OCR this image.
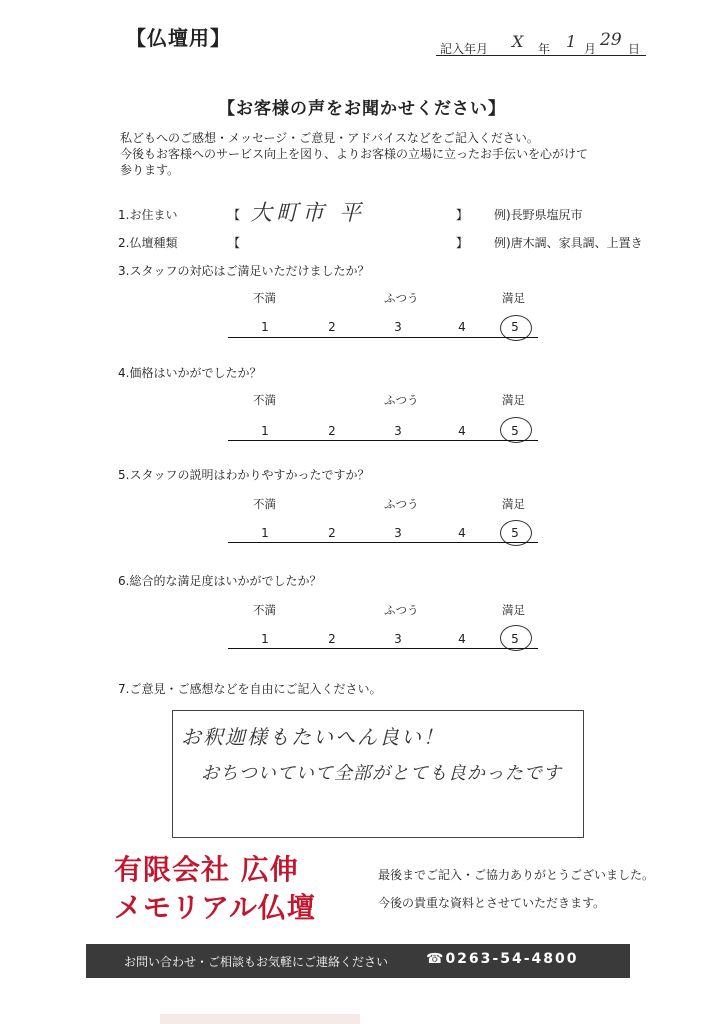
【仏壇用】	記入年月 X 年 1 月 29 日
【お客様の声をお聞かせください】
私どもへのご感想・メッセージ・ご意見・アドバイスなどをご記入ください。
今後もお客様へのサービス向上を図り、よりお客様の立場に立ったお手伝いを心がけて
参ります。
1.お住まい	【 大町市 平	】 例)長野県塩尻市
2.仏壇種類	【	】 例)唐木調、家具調、上置き
3.スタッフの対応はご満足いただけましたか？
不満	ふつう	満足
1	2	3	4	5
4.価格はいかがでしたか？
不満	ふつう	満足
1	2	3	4	5
5.スタッフの説明はわかりやすかったですか？
不満	ふつう	満足
1	2	3	4	5
6.総合的な満足度はいかがでしたか？
不満	ふつう	満足
1	2	3	4	5
7.ご意見・ご感想などを自由にご記入ください。
お釈迦様もたいへん良い！
おちついていて全部がとても良かったです
有限会社 広伸
メモリアル仏壇
最後までご記入・ご協力ありがとうございました。
今後の貴重な資料とさせていただきます。
お問い合わせ・ご相談もお気軽にご連絡ください	☎0263-54-4800
